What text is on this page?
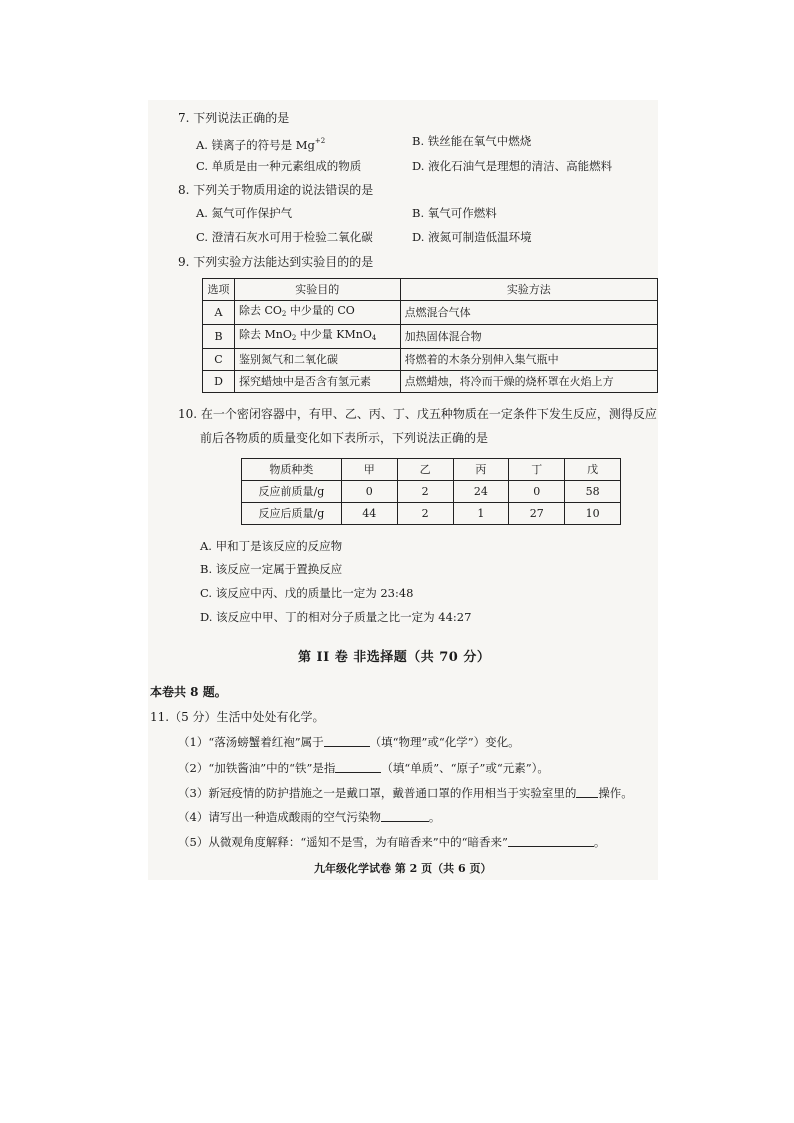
7. 下列说法正确的是
A. 镁离子的符号是 $Mg^{+2}$	B. 铁丝能在氧气中燃烧
C. 单质是由一种元素组成的物质	D. 液化石油气是理想的清洁、高能燃料
8. 下列关于物质用途的说法错误的是
A. 氮气可作保护气	B. 氧气可作燃料
C. 澄清石灰水可用于检验二氧化碳	D. 液氮可制造低温环境
9. 下列实验方法能达到实验目的的是
选项	实验目的	实验方法
A	除去 $CO_2$ 中少量的 CO	点燃混合气体
B	除去 MnO$_2$ 中少量 KMnO$_4$	加热固体混合物
C	鉴别氮气和二氧化碳	将燃着的木条分别伸入集气瓶中
D	探究蜡烛中是否含有氢元素	点燃蜡烛，将冷而干燥的烧杯罩在火焰上方
10. 在一个密闭容器中，有甲、乙、丙、丁、戊五种物质在一定条件下发生反应，测得反应
前后各物质的质量变化如下表所示，下列说法正确的是
物质种类	甲	乙	丙	丁	戊
反应前质量/g	0	2	24	0	58
反应后质量/g	44	2	1	27	10
A. 甲和丁是该反应的反应物
B. 该反应一定属于置换反应
C. 该反应中丙、戊的质量比一定为 23:48
D. 该反应中甲、丁的相对分子质量之比一定为 44:27
第 II 卷 非选择题（共 70 分）
本卷共 8 题。
11.（5 分）生活中处处有化学。
（1）“落汤螃蟹着红袍”属于	（填“物理”或“化学”）变化。
（2）“加铁酱油”中的“铁”是指	（填“单质”、“原子”或“元素”）。
（3）新冠疫情的防护措施之一是戴口罩，戴普通口罩的作用相当于实验室里的 操作。
（4）请写出一种造成酸雨的空气污染物	。
（5）从微观角度解释：“遥知不是雪，为有暗香来”中的“暗香来”	。
九年级化学试卷 第 2 页（共 6 页）
